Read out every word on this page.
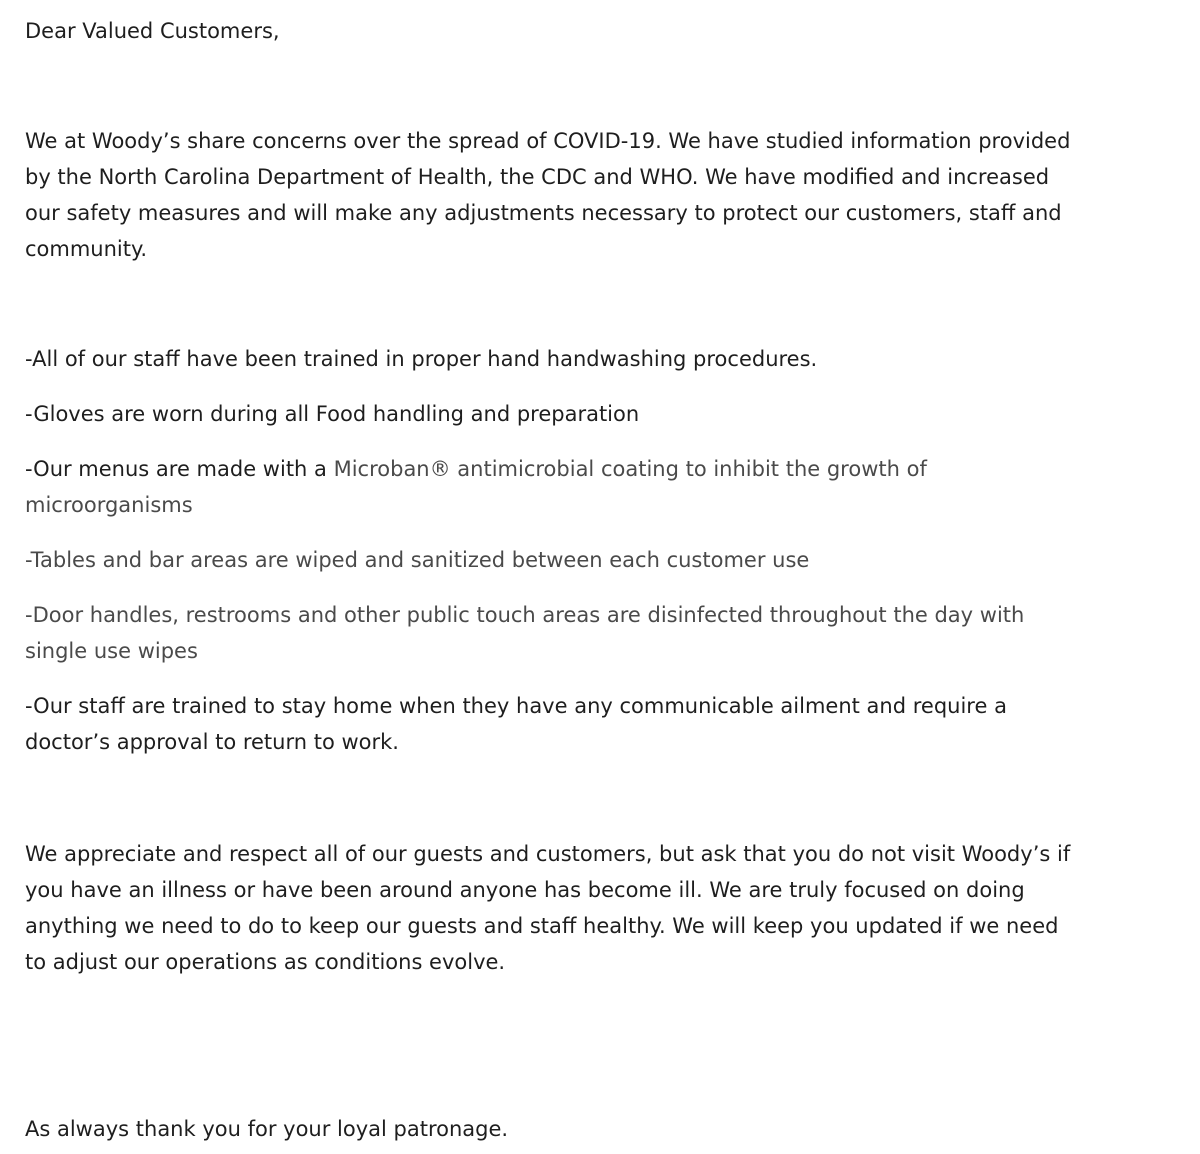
Dear Valued Customers,
We at Woody’s share concerns over the spread of COVID-19. We have studied information provided
by the North Carolina Department of Health, the CDC and WHO. We have modified and increased
our safety measures and will make any adjustments necessary to protect our customers, staff and
community.
-All of our staff have been trained in proper hand handwashing procedures.
-Gloves are worn during all Food handling and preparation
-Our menus are made with a Microban® antimicrobial coating to inhibit the growth of
microorganisms
-Tables and bar areas are wiped and sanitized between each customer use
-Door handles, restrooms and other public touch areas are disinfected throughout the day with
single use wipes
-Our staff are trained to stay home when they have any communicable ailment and require a
doctor’s approval to return to work.
We appreciate and respect all of our guests and customers, but ask that you do not visit Woody’s if
you have an illness or have been around anyone has become ill. We are truly focused on doing
anything we need to do to keep our guests and staff healthy. We will keep you updated if we need
to adjust our operations as conditions evolve.
As always thank you for your loyal patronage.
